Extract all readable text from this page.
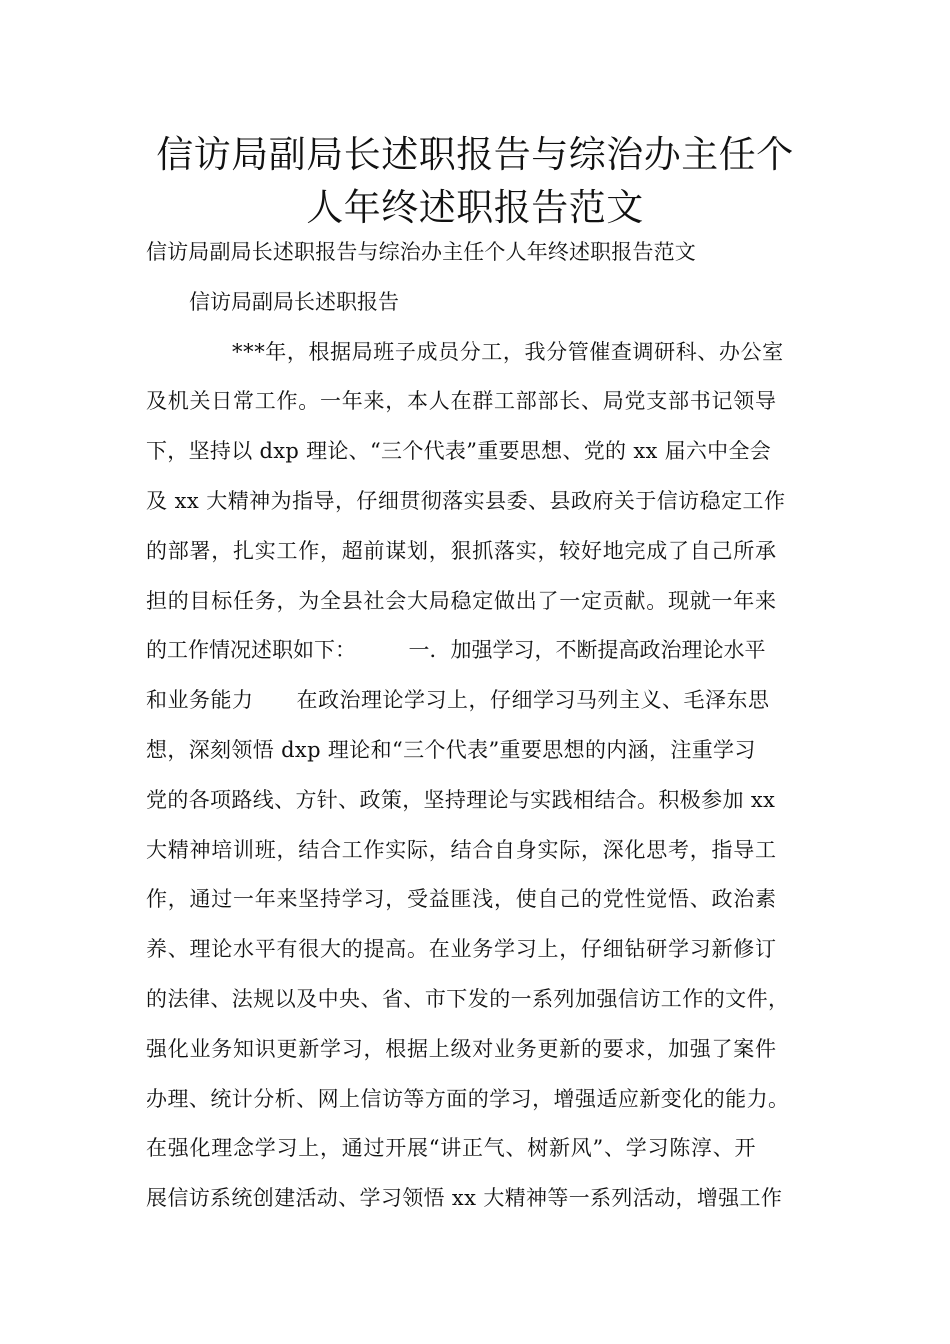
信访局副局长述职报告与综治办主任个
人年终述职报告范文
信访局副局长述职报告与综治办主任个人年终述职报告范文
信访局副局长述职报告
***年，根据局班子成员分工，我分管催查调研科、办公室
及机关日常工作。一年来，本人在群工部部长、局党支部书记领导
下，坚持以 dxp 理论、“三个代表”重要思想、党的 xx 届六中全会
及 xx 大精神为指导，仔细贯彻落实县委、县政府关于信访稳定工作
的部署，扎实工作，超前谋划，狠抓落实，较好地完成了自己所承
担的目标任务，为全县社会大局稳定做出了一定贡献。现就一年来
的工作情况述职如下：　　　一．加强学习，不断提高政治理论水平
和业务能力　　在政治理论学习上，仔细学习马列主义、毛泽东思
想，深刻领悟 dxp 理论和“三个代表”重要思想的内涵，注重学习
党的各项路线、方针、政策，坚持理论与实践相结合。积极参加 xx
大精神培训班，结合工作实际，结合自身实际，深化思考，指导工
作，通过一年来坚持学习，受益匪浅，使自己的党性觉悟、政治素
养、理论水平有很大的提高。在业务学习上，仔细钻研学习新修订
的法律、法规以及中央、省、市下发的一系列加强信访工作的文件，
强化业务知识更新学习，根据上级对业务更新的要求，加强了案件
办理、统计分析、网上信访等方面的学习，增强适应新变化的能力。
在强化理念学习上，通过开展“讲正气、树新风”、学习陈淳、开
展信访系统创建活动、学习领悟 xx 大精神等一系列活动，增强工作
